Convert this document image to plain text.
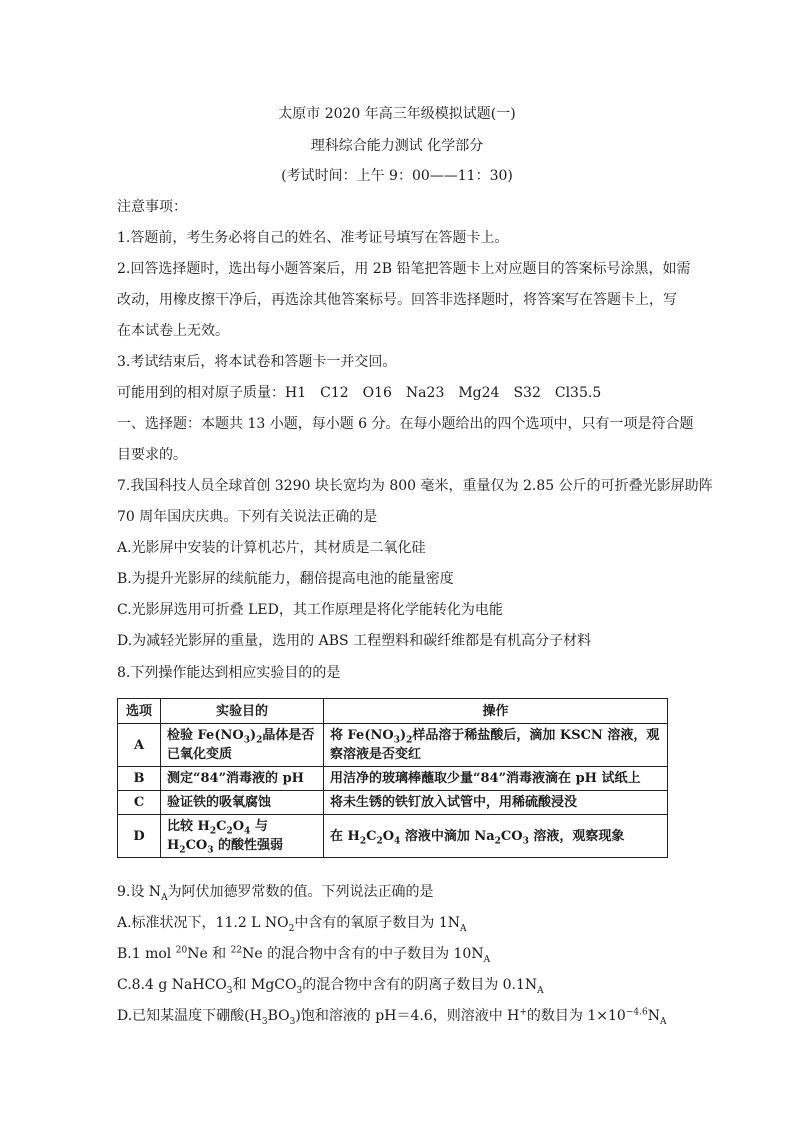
太原市 2020 年高三年级模拟试题(一)
理科综合能力测试 化学部分
(考试时间：上午 9：00——11：30)
注意事项：
1.答题前，考生务必将自己的姓名、准考证号填写在答题卡上。
2.回答选择题时，选出每小题答案后，用 2B 铅笔把答题卡上对应题目的答案标号涂黑，如需
改动，用橡皮擦干净后，再选涂其他答案标号。回答非选择题时，将答案写在答题卡上，写
在本试卷上无效。
3.考试结束后，将本试卷和答题卡一并交回。
可能用到的相对原子质量：H1　C12　O16　Na23　Mg24　S32　Cl35.5
一、选择题：本题共 13 小题，每小题 6 分。在每小题给出的四个选项中，只有一项是符合题
目要求的。
7.我国科技人员全球首创 3290 块长宽均为 800 毫米，重量仅为 2.85 公斤的可折叠光影屏助阵
70 周年国庆庆典。下列有关说法正确的是
A.光影屏中安装的计算机芯片，其材质是二氧化硅
B.为提升光影屏的续航能力，翻倍提高电池的能量密度
C.光影屏选用可折叠 LED，其工作原理是将化学能转化为电能
D.为减轻光影屏的重量，选用的 ABS 工程塑料和碳纤维都是有机高分子材料
8.下列操作能达到相应实验目的的是
选项	实验目的	操作
A	检验 $Fe(NO_3)_2$晶体是否已氧化变质	将 $Fe(NO_3)_2$样品溶于稀盐酸后，滴加 KSCN 溶液，观察溶液是否变红
B	测定“84”消毒液的 pH	用洁净的玻璃棒蘸取少量“84”消毒液滴在 pH 试纸上
C	验证铁的吸氧腐蚀	将未生锈的铁钉放入试管中，用稀硫酸浸没
D	比较 $H_2C_2O_4$ 与 $H_2CO_3$ 的酸性强弱	在 $H_2C_2O_4$ 溶液中滴加 $Na_2CO_3$ 溶液，观察现象
9.设 $N_A$为阿伏加德罗常数的值。下列说法正确的是
A.标准状况下，11.2 L $NO_2$中含有的氧原子数目为 $1N_A$
B.1 mol $^{20}$Ne 和 $^{22}$Ne 的混合物中含有的中子数目为 $10N_A$
C.8.4 g NaHCO$_3$和 MgCO$_3$的混合物中含有的阴离子数目为 $0.1N_A$
D.已知某温度下硼酸$(H_3BO_3)$饱和溶液的 pH＝4.6，则溶液中 H+的数目为 $1\times 10^{-4.6}N_A$
